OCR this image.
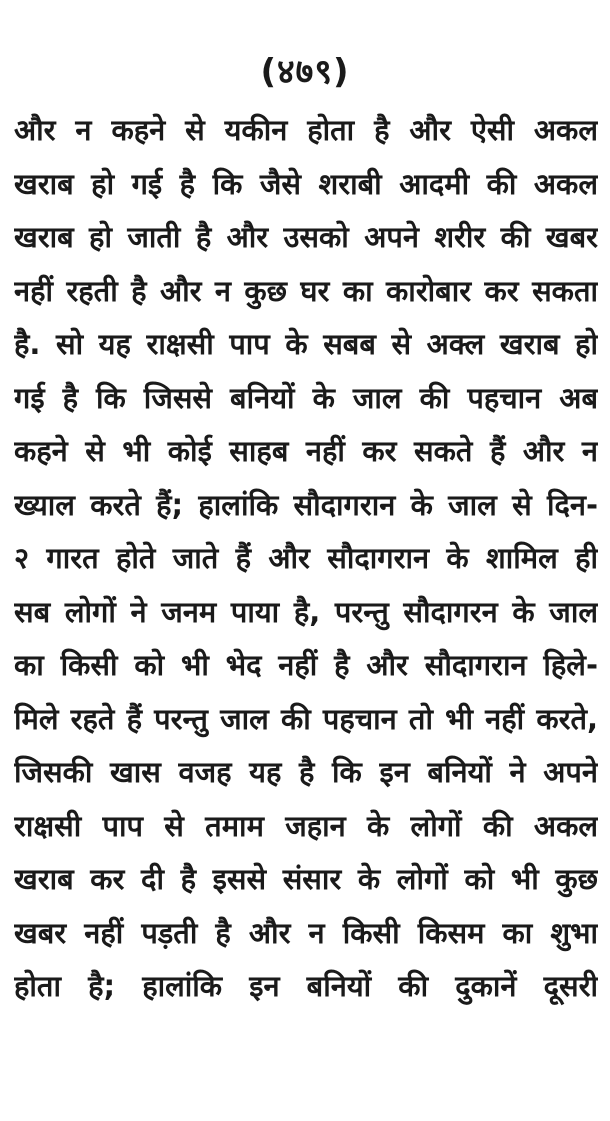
(४७९)
और न कहने से यकीन होता है और ऐसी अकल
खराब हो गई है कि जैसे शराबी आदमी की अकल
खराब हो जाती है और उसको अपने शरीर की खबर
नहीं रहती है और न कुछ घर का कारोबार कर सकता
है. सो यह राक्षसी पाप के सबब से अक्ल खराब हो
गई है कि जिससे बनियों के जाल की पहचान अब
कहने से भी कोई साहब नहीं कर सकते हैं और न
ख्याल करते हैं; हालांकि सौदागरान के जाल से दिन-
२ गारत होते जाते हैं और सौदागरान के शामिल ही
सब लोगों ने जनम पाया है, परन्तु सौदागरन के जाल
का किसी को भी भेद नहीं है और सौदागरान हिले-
मिले रहते हैं परन्तु जाल की पहचान तो भी नहीं करते,
जिसकी खास वजह यह है कि इन बनियों ने अपने
राक्षसी पाप से तमाम जहान के लोगों की अकल
खराब कर दी है इससे संसार के लोगों को भी कुछ
खबर नहीं पड़ती है और न किसी किसम का शुभा
होता है; हालांकि इन बनियों की दुकानें दूसरी
